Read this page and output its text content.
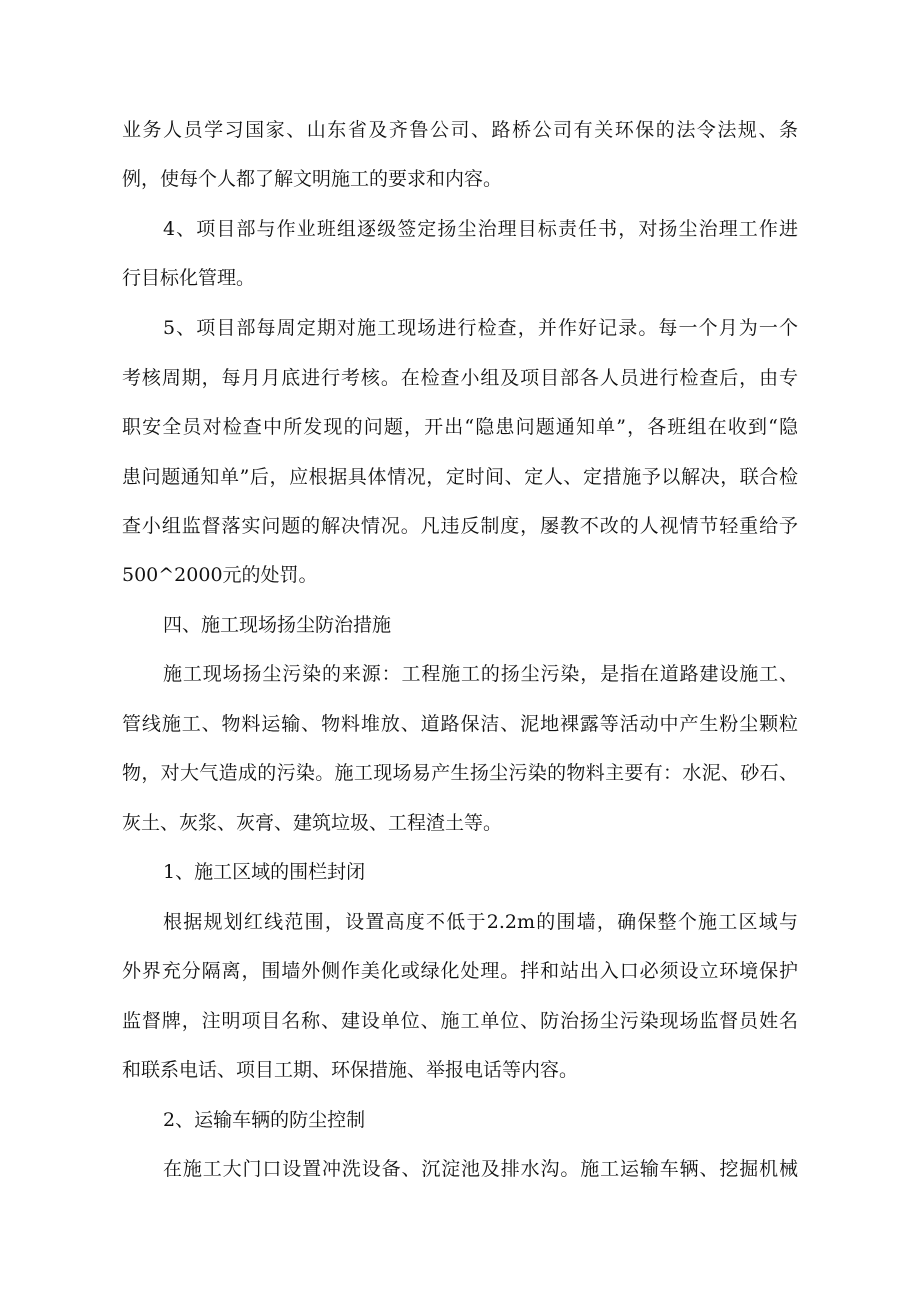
业务人员学习国家、山东省及齐鲁公司、路桥公司有关环保的法令法规、条
例，使每个人都了解文明施工的要求和内容。
4、项目部与作业班组逐级签定扬尘治理目标责任书，对扬尘治理工作进
行目标化管理。
5、项目部每周定期对施工现场进行检查，并作好记录。每一个月为一个
考核周期，每月月底进行考核。在检查小组及项目部各人员进行检查后，由专
职安全员对检查中所发现的问题，开出“隐患问题通知单”，各班组在收到“隐
患问题通知单”后，应根据具体情况，定时间、定人、定措施予以解决，联合检
查小组监督落实问题的解决情况。凡违反制度，屡教不改的人视情节轻重给予
500^2000元的处罚。
四、施工现场扬尘防治措施
施工现场扬尘污染的来源：工程施工的扬尘污染，是指在道路建设施工、
管线施工、物料运输、物料堆放、道路保洁、泥地裸露等活动中产生粉尘颗粒
物，对大气造成的污染。施工现场易产生扬尘污染的物料主要有：水泥、砂石、
灰土、灰浆、灰膏、建筑垃圾、工程渣土等。
1、施工区域的围栏封闭
根据规划红线范围，设置高度不低于2.2m的围墙，确保整个施工区域与
外界充分隔离，围墙外侧作美化或绿化处理。拌和站出入口必须设立环境保护
监督牌，注明项目名称、建设单位、施工单位、防治扬尘污染现场监督员姓名
和联系电话、项目工期、环保措施、举报电话等内容。
2、运输车辆的防尘控制
在施工大门口设置冲洗设备、沉淀池及排水沟。施工运输车辆、挖掘机械
